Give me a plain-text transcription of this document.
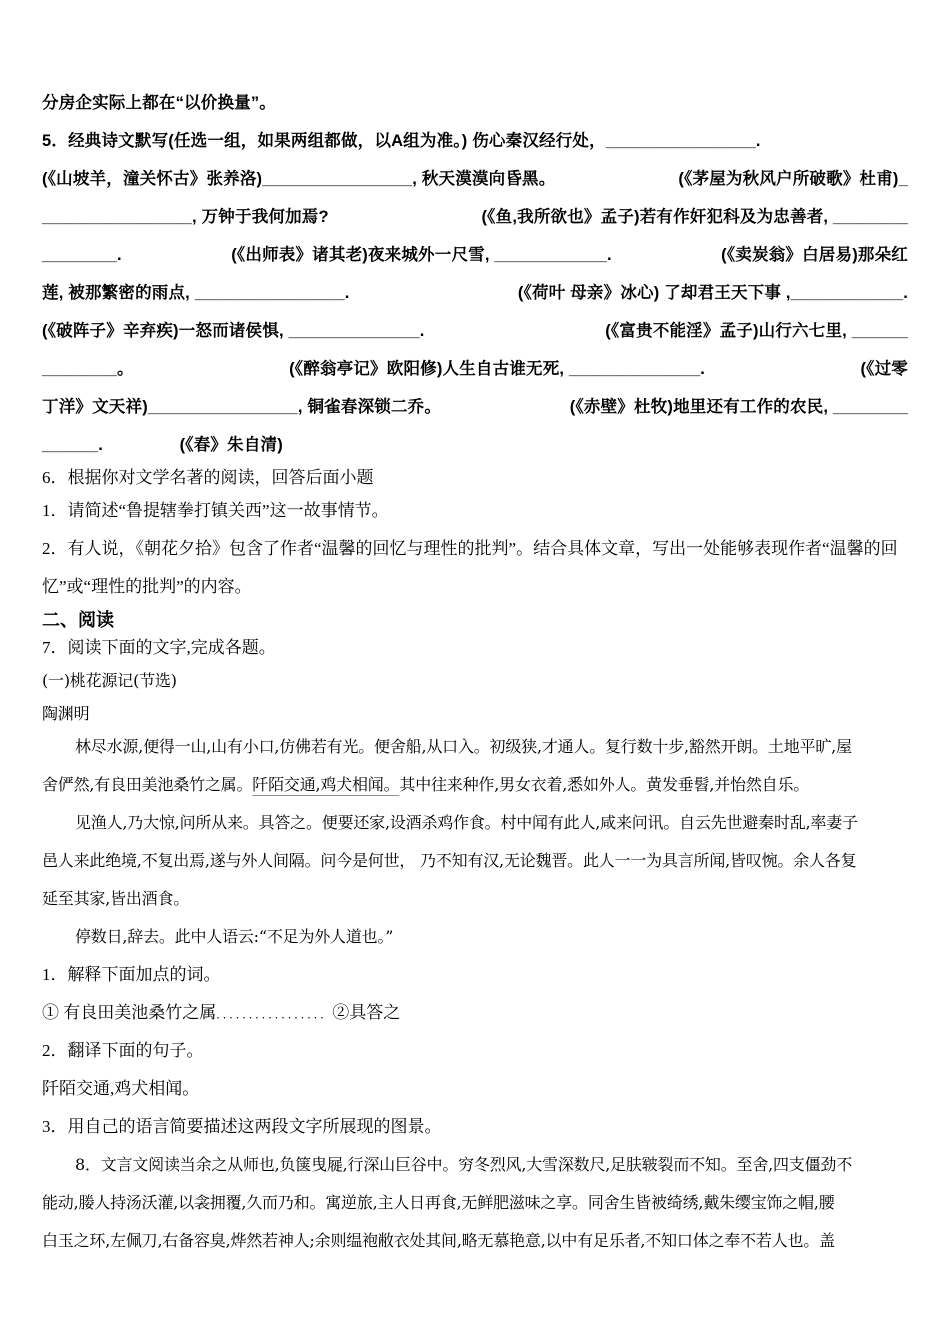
分房企实际上都在“以价换量”。
5．经典诗文默写(任选一组，如果两组都做，以A组为准。) 伤心秦汉经行处，________________.
(《山坡羊，潼关怀古》张养洛)________________, 秋天漠漠向昏黑。	(《茅屋为秋风户所破歌》杜甫)_
________________, 万钟于我何加焉?	(《鱼,我所欲也》孟子)若有作奸犯科及为忠善者, ________
________.	(《出师表》诸其老)夜来城外一尺雪, ____________.	(《卖炭翁》白居易)那朵红
莲, 被那繁密的雨点, ________________.	(《荷叶 母亲》冰心) 了却君王天下事 ,____________.
(《破阵子》辛弃疾)一怒而诸侯惧, ______________.	(《富贵不能淫》孟子)山行六七里, ______
________。	(《醉翁亭记》欧阳修)人生自古谁无死, ______________.	(《过零
丁洋》文天祥)________________, 铜雀春深锁二乔。	(《赤壁》杜牧)地里还有工作的农民, ________
______.                (《春》朱自清)
6．根据你对文学名著的阅读，回答后面小题
1．请简述“鲁提辖拳打镇关西”这一故事情节。
2．有人说，《朝花夕拾》包含了作者“温馨的回忆与理性的批判”。结合具体文章，写出一处能够表现作者“温馨的回
忆”或“理性的批判”的内容。
二、阅读
7．阅读下面的文字,完成各题。
(一)桃花源记(节选)
陶渊明
林尽水源,便得一山,山有小口,仿佛若有光。便舍船,从口入。初级狭,才通人。复行数十步,豁然开朗。土地平旷,屋
舍俨然,有良田美池桑竹之属。阡陌交通,鸡犬相闻。其中往来种作,男女衣着,悉如外人。黄发垂髫,并怡然自乐。
见渔人,乃大惊,问所从来。具答之。便要还家,设酒杀鸡作食。村中闻有此人,咸来问讯。自云先世避秦时乱,率妻子
邑人来此绝境,不复出焉,遂与外人间隔。问今是何世， 乃不知有汉,无论魏晋。此人一一为具言所闻,皆叹惋。余人各复
延至其家,皆出酒食。
停数日,辞去。此中人语云:“不足为外人道也。”
1．解释下面加点的词。
① 有良田美池桑竹之属．．．．．．．．．．．．．．．．．②具答之
2．翻译下面的句子。
阡陌交通,鸡犬相闻。
3．用自己的语言简要描述这两段文字所展现的图景。
8．文言文阅读当余之从师也,负箧曳屣,行深山巨谷中。穷冬烈风,大雪深数尺,足肤皲裂而不知。至舍,四支僵劲不
能动,媵人持汤沃灌,以衾拥覆,久而乃和。寓逆旅,主人日再食,无鲜肥滋味之享。同舍生皆被绮绣,戴朱缨宝饰之帽,腰
白玉之环,左佩刀,右备容臭,烨然若神人;余则缊袍敝衣处其间,略无慕艳意,以中有足乐者,不知口体之奉不若人也。盖
